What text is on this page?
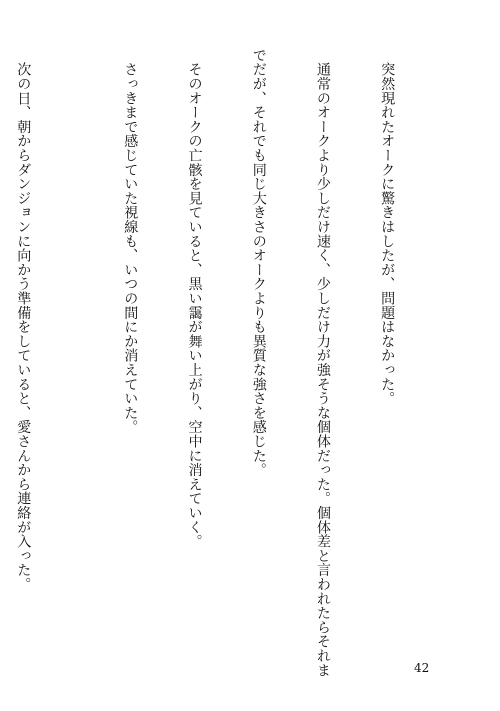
　突然現れたオークに驚きはしたが、問題はなかった。

　通常のオークより少しだけ速く、少しだけ力が強そうな個体だった。個体差と言われたらそれま

でだが、それでも同じ大きさのオークよりも異質な強さを感じた。

　そのオークの亡骸を見ていると、黒い靄が舞い上がり、空中に消えていく。

　さっきまで感じていた視線も、いつの間にか消えていた。

　次の日、朝からダンジョンに向かう準備をしていると、愛さんから連絡が入った。

42
